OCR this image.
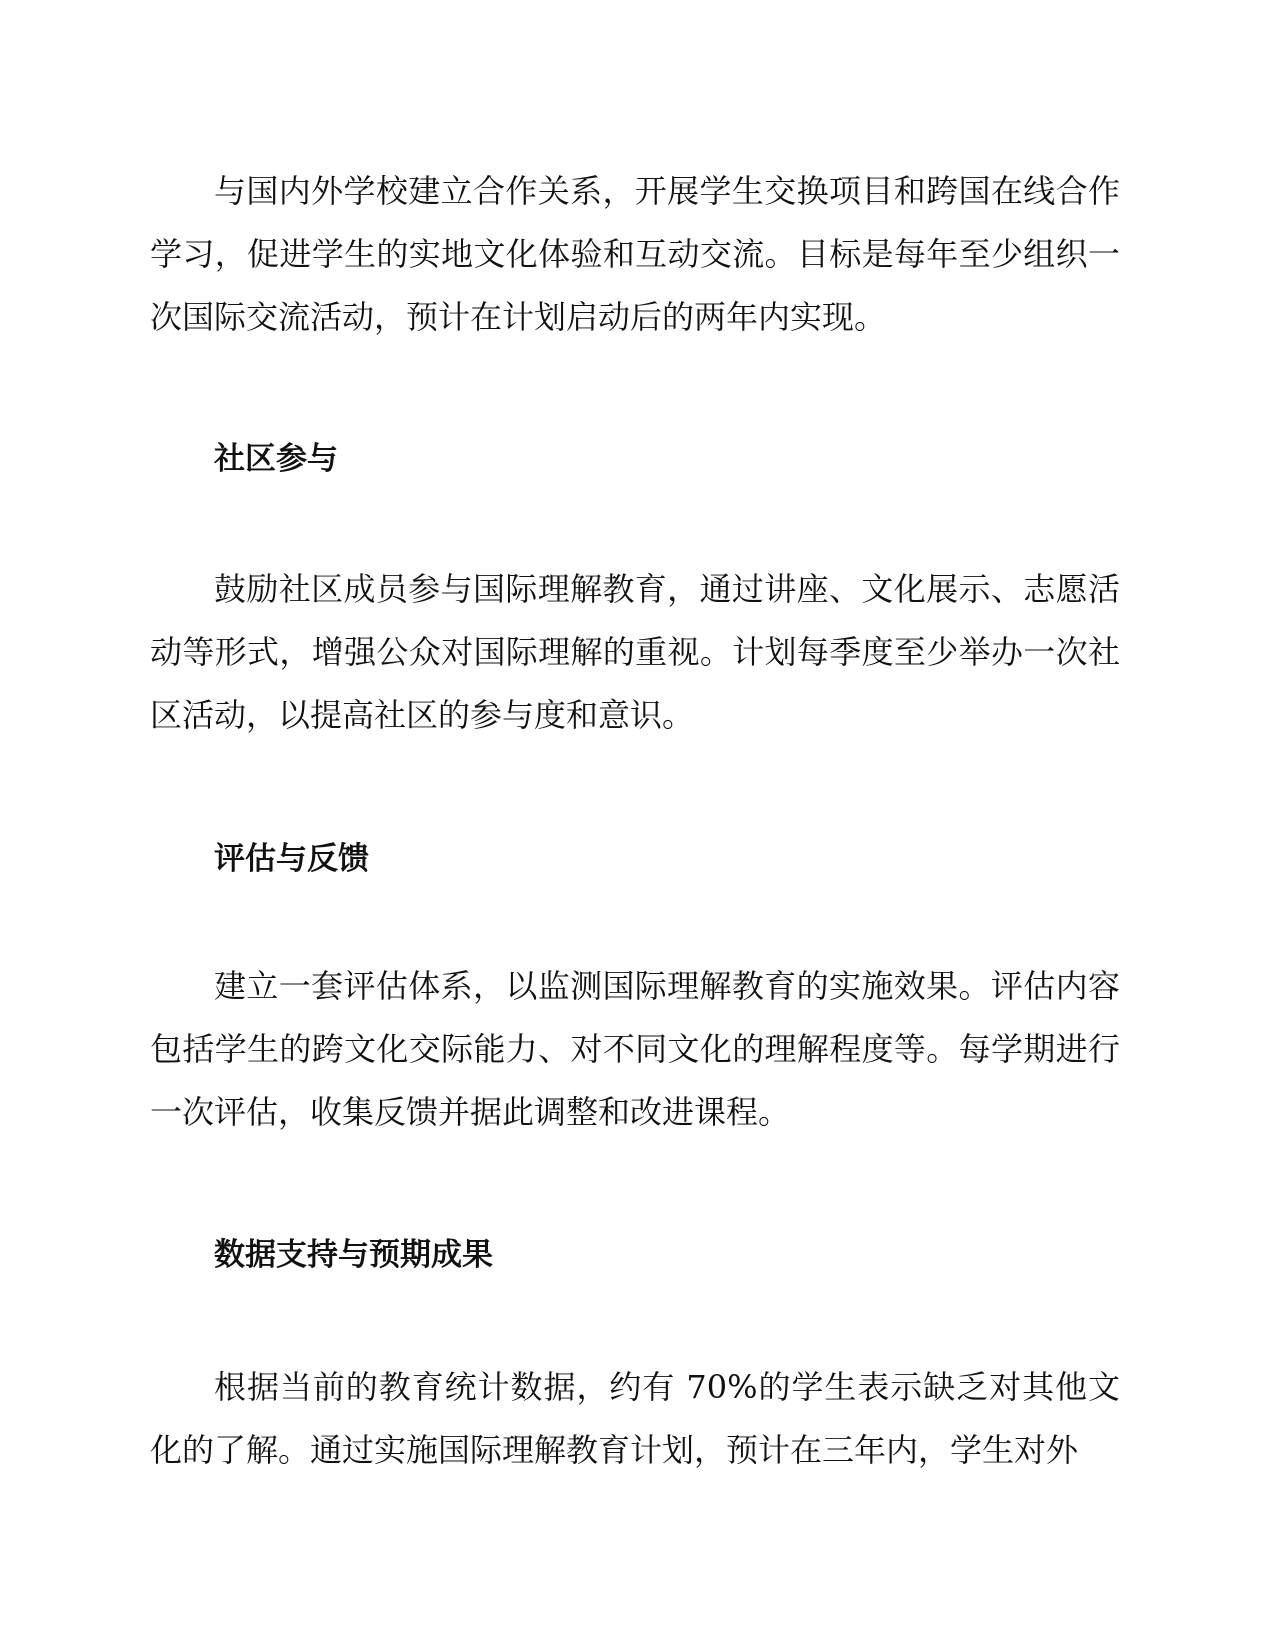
与国内外学校建立合作关系，开展学生交换项目和跨国在线合作学习，促进学生的实地文化体验和互动交流。目标是每年至少组织一次国际交流活动，预计在计划启动后的两年内实现。

社区参与

鼓励社区成员参与国际理解教育，通过讲座、文化展示、志愿活动等形式，增强公众对国际理解的重视。计划每季度至少举办一次社区活动，以提高社区的参与度和意识。

评估与反馈

建立一套评估体系，以监测国际理解教育的实施效果。评估内容包括学生的跨文化交际能力、对不同文化的理解程度等。每学期进行一次评估，收集反馈并据此调整和改进课程。

数据支持与预期成果

根据当前的教育统计数据，约有 70%的学生表示缺乏对其他文化的了解。通过实施国际理解教育计划，预计在三年内，学生对外
